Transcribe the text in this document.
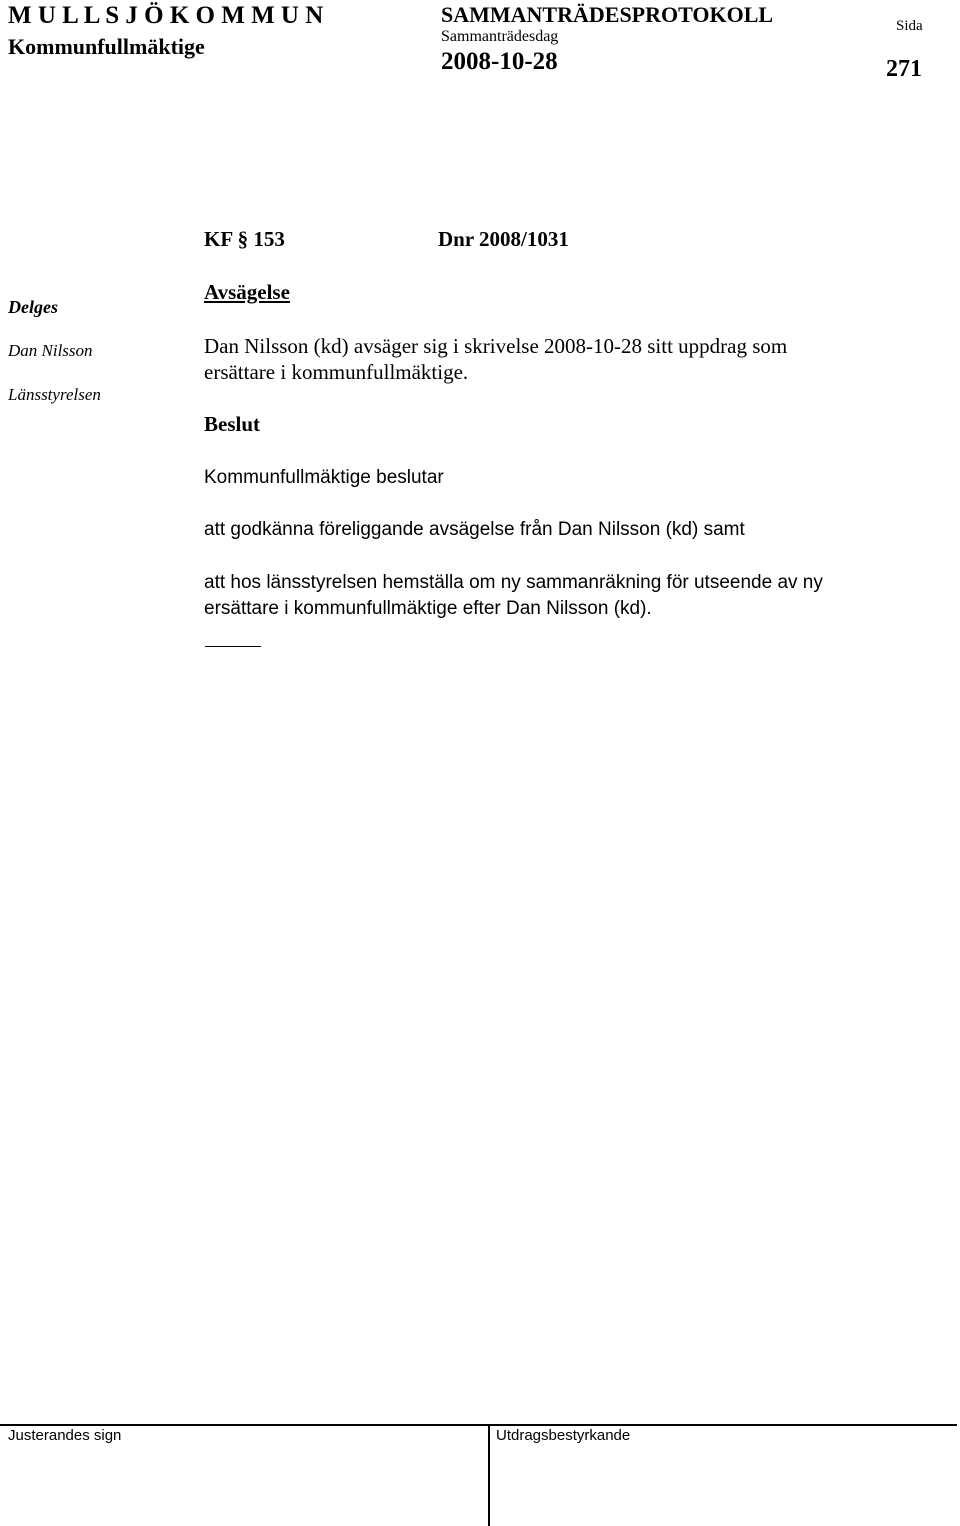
M U L L S J Ö K O M M U N
Kommunfullmäktige
SAMMANTRÄDESPROTOKOLL
Sammanträdesdag
2008-10-28
Sida
271
KF § 153	Dnr 2008/1031
Delges
Dan Nilsson
Länsstyrelsen
Avsägelse
Dan Nilsson (kd) avsäger sig i skrivelse 2008-10-28 sitt uppdrag som
ersättare i kommunfullmäktige.
Beslut
Kommunfullmäktige beslutar
att godkänna föreliggande avsägelse från Dan Nilsson (kd) samt
att hos länsstyrelsen hemställa om ny sammanräkning för utseende av ny
ersättare i kommunfullmäktige efter Dan Nilsson (kd).
Justerandes sign	Utdragsbestyrkande
